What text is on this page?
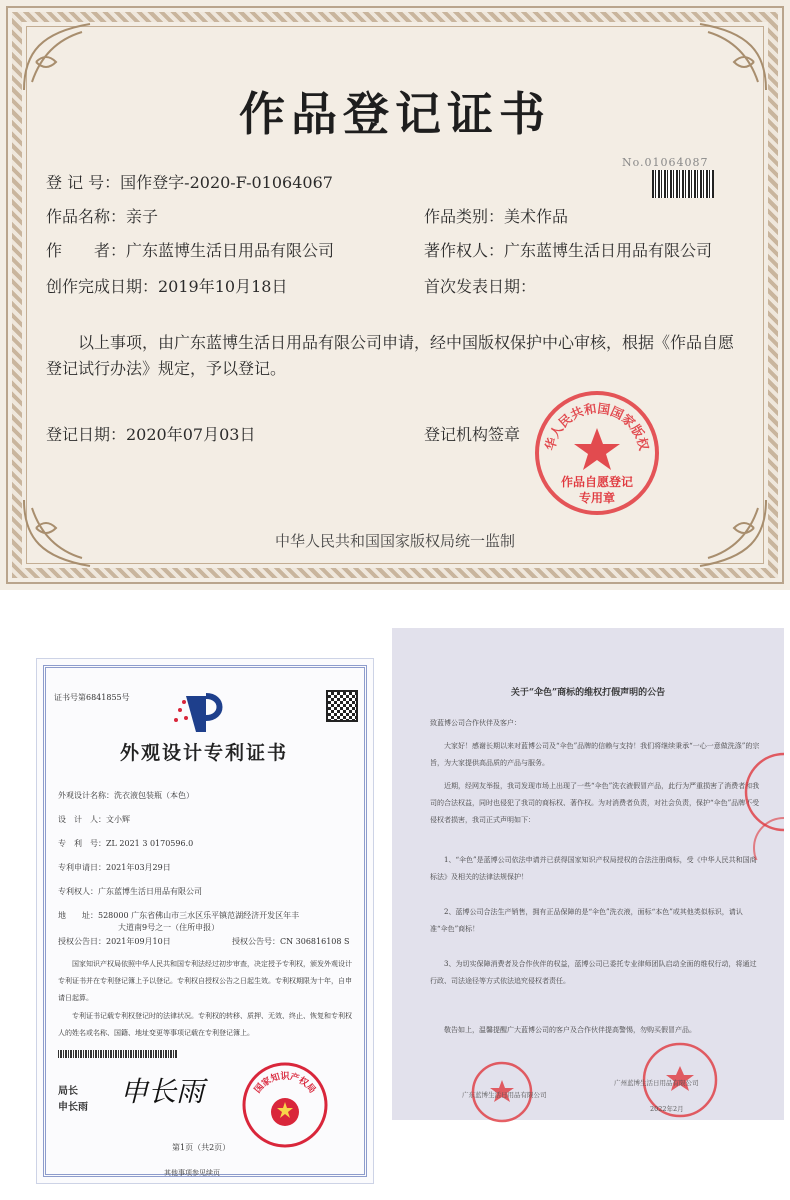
作品登记证书
No.01064087
登 记 号：国作登字-2020-F-01064067
作品名称：亲子	作品类别：美术作品
作　　者：广东蓝博生活日用品有限公司	著作权人：广东蓝博生活日用品有限公司
创作完成日期：2019年10月18日	首次发表日期：
以上事项，由广东蓝博生活日用品有限公司申请，经中国版权保护中心审核，根据《作品自愿登记试行办法》规定，予以登记。
登记日期：2020年07月03日	登记机构签章	华人民共和国国家版权
作品自愿登记
专用章
中华人民共和国国家版权局统一监制
证书号第6841855号
外观设计专利证书
外观设计名称：洗衣液包装瓶（本色）
设　计　人：文小辉
专　利　号：ZL 2021 3 0170596.0
专利申请日：2021年03月29日
专利权人：广东蓝博生活日用品有限公司
地　　址：528000 广东省佛山市三水区乐平镇范湖经济开发区年丰
大道南9号之一（住所申报）
授权公告日：2021年09月10日	授权公告号：CN 306816108 S
国家知识产权局依照中华人民共和国专利法经过初步审查，决定授予专利权，颁发外观设计专利证书并在专利登记簿上予以登记。专利权自授权公告之日起生效。专利权期限为十年，自申请日起算。
专利证书记载专利权登记时的法律状况。专利权的转移、质押、无效、终止、恢复和专利权人的姓名或名称、国籍、地址变更等事项记载在专利登记簿上。
局长
申长雨 申长雨	国家知识产权局
第1页（共2页）
其他事项参见续页
关于“伞色”商标的维权打假声明的公告
致蓝博公司合作伙伴及客户：
大家好！感谢长期以来对蓝博公司及“伞色”品牌的信赖与支持！我们将继续秉承“一心一意做洗涤”的宗旨，为大家提供高品质的产品与服务。
近期，经网友举报，我司发现市场上出现了一些“伞色”洗衣液假冒产品，此行为严重损害了消费者和我司的合法权益，同时也侵犯了我司的商标权、著作权。为对消费者负责，对社会负责，保护“伞色”品牌不受侵权者损害，我司正式声明如下：
1、“伞色”是蓝博公司依法申请并已获得国家知识产权局授权的合法注册商标，受《中华人民共和国商标法》及相关的法律法规保护！
2、蓝博公司合法生产销售，拥有正品保障的是“伞色”洗衣液，面标“本色”或其他类似标识，请认准“伞色”商标！
3、为切实保障消费者及合作伙伴的权益，蓝博公司已委托专业律师团队启动全面的维权行动，将通过行政、司法途径等方式依法追究侵权者责任。
敬告如上，温馨提醒广大蓝博公司的客户及合作伙伴提高警惕，勿购买假冒产品。
广东蓝博生活日用品有限公司
广州蓝博生活日用品有限公司
2022年2月
